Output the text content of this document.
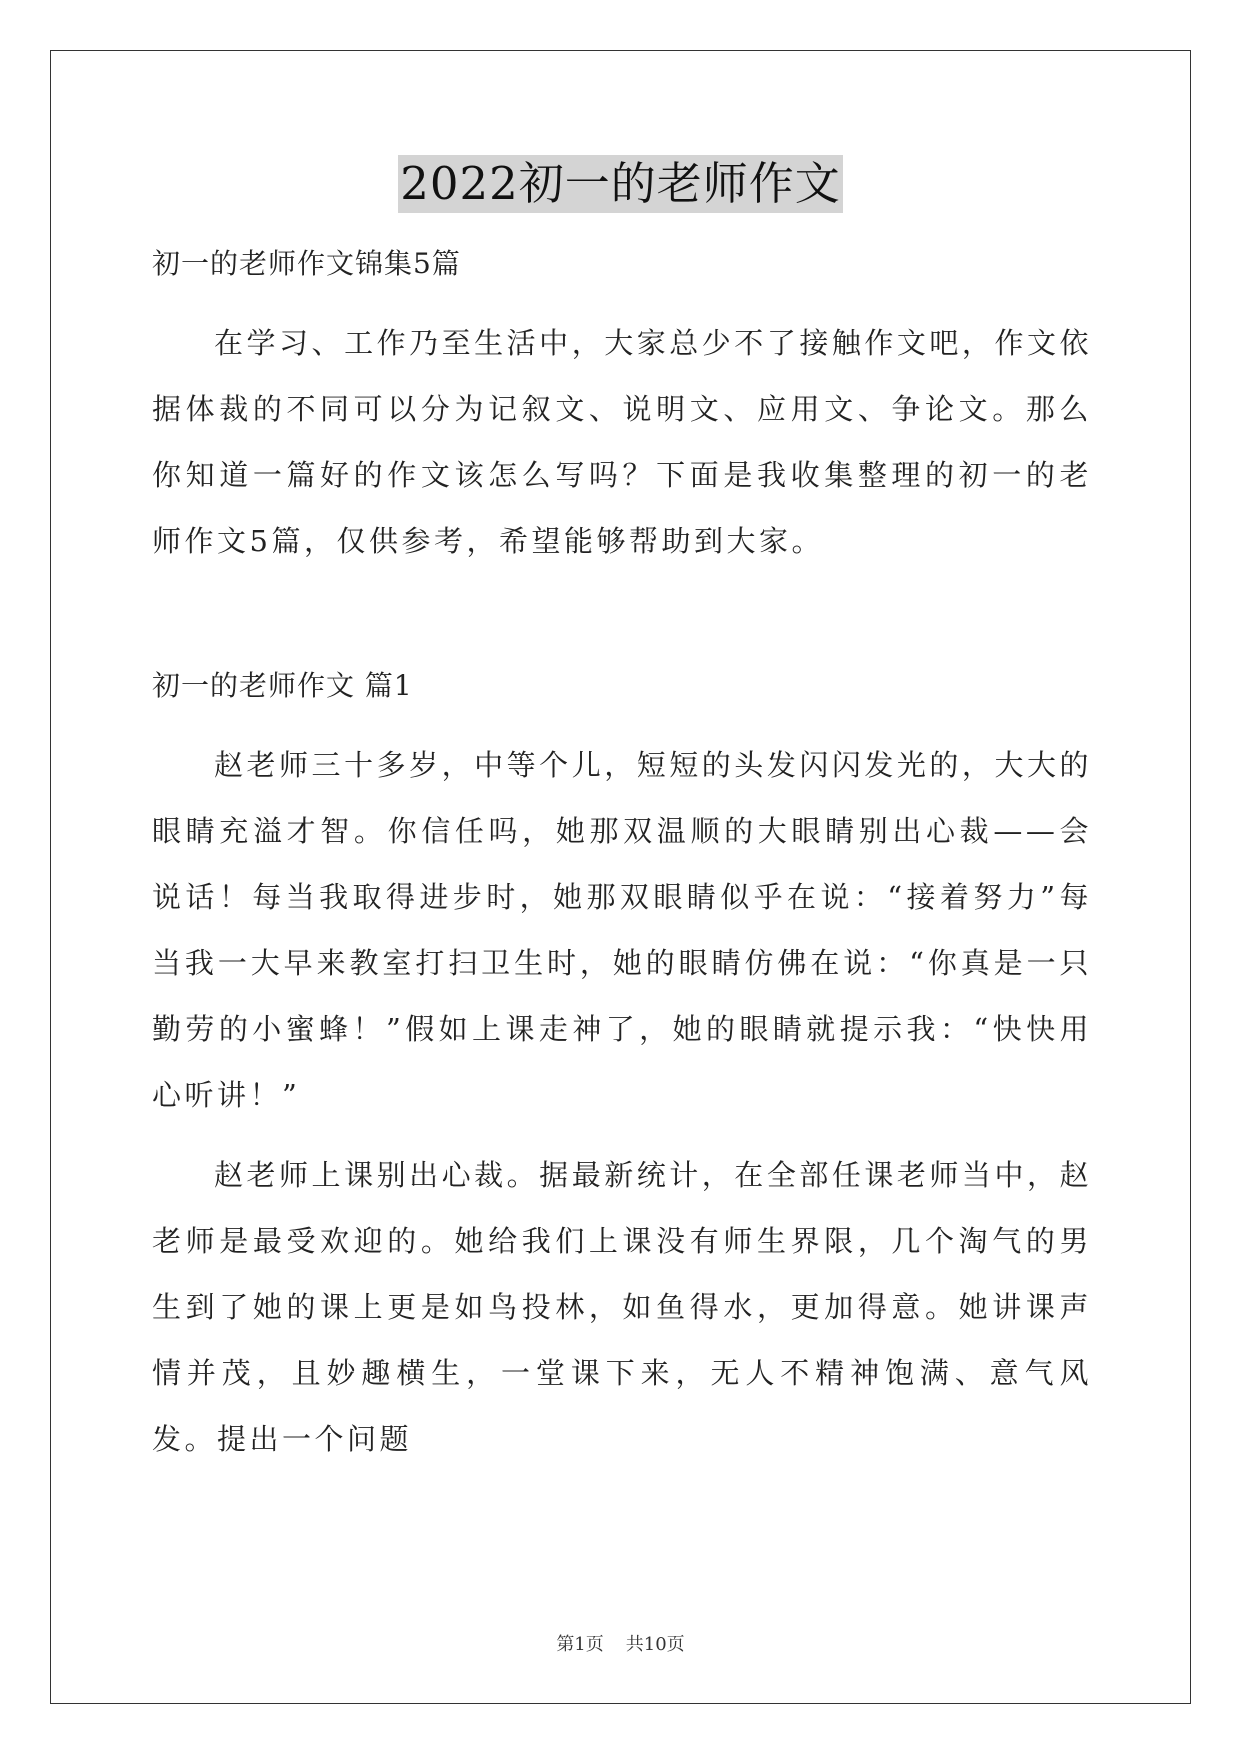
2022初一的老师作文

初一的老师作文锦集5篇

在学习、工作乃至生活中，大家总少不了接触作文吧，作文依据体裁的不同可以分为记叙文、说明文、应用文、争论文。那么你知道一篇好的作文该怎么写吗？下面是我收集整理的初一的老师作文5篇，仅供参考，希望能够帮助到大家。

初一的老师作文 篇1

赵老师三十多岁，中等个儿，短短的头发闪闪发光的，大大的眼睛充溢才智。你信任吗，她那双温顺的大眼睛别出心裁——会说话！每当我取得进步时，她那双眼睛似乎在说：“接着努力”每当我一大早来教室打扫卫生时，她的眼睛仿佛在说：“你真是一只勤劳的小蜜蜂！”假如上课走神了，她的眼睛就提示我：“快快用心听讲！”

赵老师上课别出心裁。据最新统计，在全部任课老师当中，赵老师是最受欢迎的。她给我们上课没有师生界限，几个淘气的男生到了她的课上更是如鸟投林，如鱼得水，更加得意。她讲课声情并茂，且妙趣横生，一堂课下来，无人不精神饱满、意气风发。提出一个问题

第1页 共10页
